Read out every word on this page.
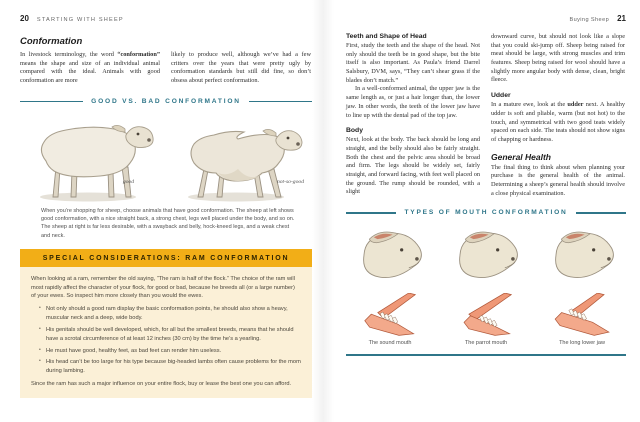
20 STARTING WITH SHEEP
Conformation
In livestock terminology, the word “conformation” means the shape and size of an individual animal compared with the ideal. Animals with good conformation are more
likely to produce well, although we’ve had a few critters over the years that were pretty ugly by conformation standards but still did fine, so don’t obsess about perfect conformation.
GOOD VS. BAD CONFORMATION
good	not-so-good
When you’re shopping for sheep, choose animals that have good conformation. The sheep at left shows good conformation, with a nice straight back, a strong chest, legs well placed under the body, and so on. The sheep at right is far less desirable, with a swayback and belly, hock-kneed legs, and a weak chest and neck.
SPECIAL CONSIDERATIONS: RAM CONFORMATION

When looking at a ram, remember the old saying, “The ram is half of the flock.” The choice of the ram will most rapidly affect the character of your flock, for good or bad, because he breeds all (or a large number) of your ewes. So inspect him more closely than you would the ewes.

• Not only should a good ram display the basic conformation points, he should also show a heavy, muscular neck and a deep, wide body.
• His genitals should be well developed, which, for all but the smallest breeds, means that he should have a scrotal circumference of at least 12 inches (30 cm) by the time he’s a yearling.
• He must have good, healthy feet, as bad feet can render him useless.
• His head can’t be too large for his type because big-headed lambs often cause problems for the mom during lambing.

Since the ram has such a major influence on your entire flock, buy or lease the best one you can afford.

Buying Sheep 21
Teeth and Shape of Head

First, study the teeth and the shape of the head. Not only should the teeth be in good shape, but the bite itself is also important. As Paula’s friend Darrel Salsbury, DVM, says, “They can’t shear grass if the blades don’t match.”

In a well-conformed animal, the upper jaw is the same length as, or just a hair longer than, the lower jaw. In other words, the teeth of the lower jaw have to line up with the dental pad of the top jaw.

Body

Next, look at the body. The back should be long and straight, and the belly should also be fairly straight. Both the chest and the pelvic area should be broad and firm. The legs should be widely set, fairly straight, and forward facing, with feet well placed on the ground. The rump should be rounded, with a slight

downward curve, but should not look like a slope that you could ski-jump off. Sheep being raised for meat should be large, with strong muscles and trim features. Sheep being raised for wool should have a slightly more angular body with dense, clean, bright fleece.

Udder

In a mature ewe, look at the udder next. A healthy udder is soft and pliable, warm (but not hot) to the touch, and symmetrical with two good teats widely spaced on each side. The teats should not show signs of chapping or hardness.

General Health

The final thing to think about when planning your purchase is the general health of the animal. Determining a sheep’s general health should involve a close physical examination.

TYPES OF MOUTH CONFORMATION
The sound mouth	The parrot mouth	The long lower jaw
